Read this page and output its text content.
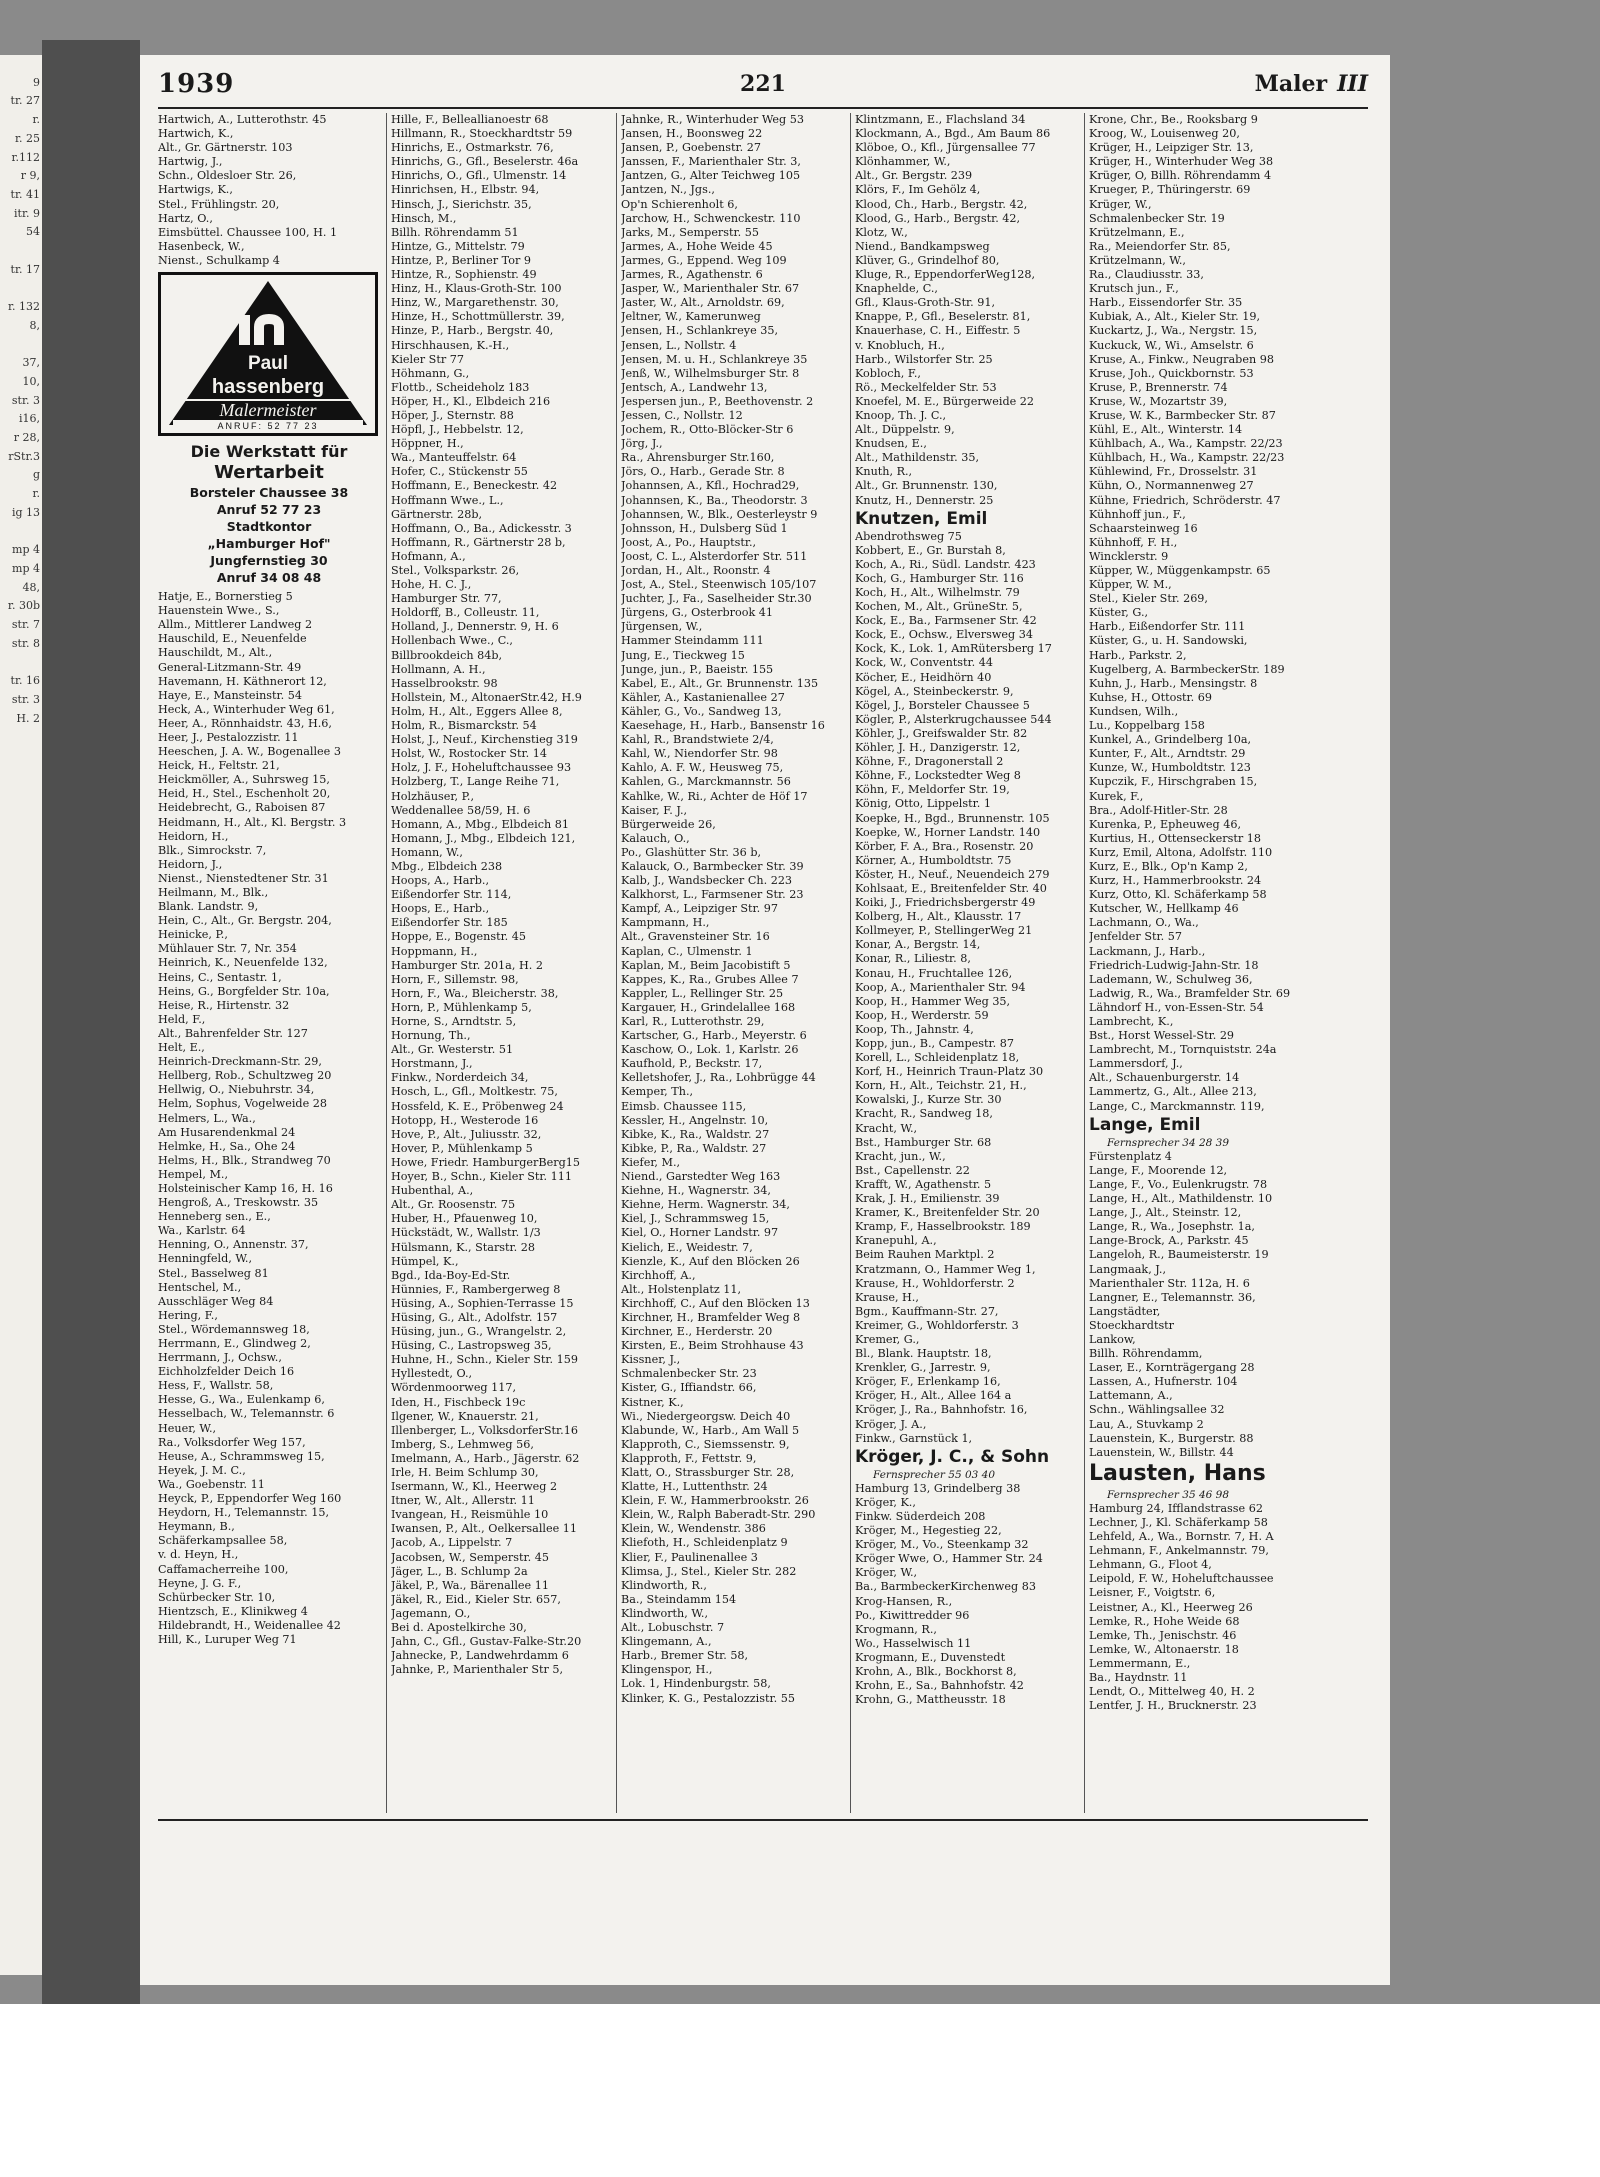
9
tr. 27
r.
r. 25
r.112
r 9,
tr. 41
itr. 9
54

tr. 17

r. 132
8,

37,
10,
str. 3
i16,
r 28,
rStr.3
g
r.
ig 13

mp 4
mp 4
48,
r. 30b
str. 7
str. 8

tr. 16
str. 3
H. 2
1939	221	Maler III
Hartwich, A., Lutterothstr. 45
Hartwich, K.,
Alt., Gr. Gärtnerstr. 103
Hartwig, J.,
Schn., Oldesloer Str. 26,
Hartwigs, K.,
Stel., Frühlingstr. 20,
Hartz, O.,
Eimsbüttel. Chaussee 100, H. 1
Hasenbeck, W.,
Nienst., Schulkamp 4
Paul
hassenberg
Malermeister
ANRUF: 52 77 23
Die Werkstatt für
Wertarbeit
Borsteler Chaussee 38
Anruf 52 77 23
Stadtkontor
„Hamburger Hof"
Jungfernstieg 30
Anruf 34 08 48
Hatje, E., Bornerstieg 5
Hauenstein Wwe., S.,
Allm., Mittlerer Landweg 2
Hauschild, E., Neuenfelde
Hauschildt, M., Alt.,
General-Litzmann-Str. 49
Havemann, H. Käthnerort 12,
Haye, E., Mansteinstr. 54
Heck, A., Winterhuder Weg 61,
Heer, A., Rönnhaidstr. 43, H.6,
Heer, J., Pestalozzistr. 11
Heeschen, J. A. W., Bogenallee 3
Heick, H., Feltstr. 21,
Heickmöller, A., Suhrsweg 15,
Heid, H., Stel., Eschenholt 20,
Heidebrecht, G., Raboisen 87
Heidmann, H., Alt., Kl. Bergstr. 3
Heidorn, H.,
Blk., Simrockstr. 7,
Heidorn, J.,
Nienst., Nienstedtener Str. 31
Heilmann, M., Blk.,
Blank. Landstr. 9,
Hein, C., Alt., Gr. Bergstr. 204,
Heinicke, P.,
Mühlauer Str. 7, Nr. 354
Heinrich, K., Neuenfelde 132,
Heins, C., Sentastr. 1,
Heins, G., Borgfelder Str. 10a,
Heise, R., Hirtenstr. 32
Held, F.,
Alt., Bahrenfelder Str. 127
Helt, E.,
Heinrich-Dreckmann-Str. 29,
Hellberg, Rob., Schultzweg 20
Hellwig, O., Niebuhrstr. 34,
Helm, Sophus, Vogelweide 28
Helmers, L., Wa.,
Am Husarendenkmal 24
Helmke, H., Sa., Ohe 24
Helms, H., Blk., Strandweg 70
Hempel, M.,
Holsteinischer Kamp 16, H. 16
Hengroß, A., Treskowstr. 35
Henneberg sen., E.,
Wa., Karlstr. 64
Henning, O., Annenstr. 37,
Henningfeld, W.,
Stel., Basselweg 81
Hentschel, M.,
Ausschläger Weg 84
Hering, F.,
Stel., Wördemannsweg 18,
Herrmann, E., Glindweg 2,
Herrmann, J., Ochsw.,
Eichholzfelder Deich 16
Hess, F., Wallstr. 58,
Hesse, G., Wa., Eulenkamp 6,
Hesselbach, W., Telemannstr. 6
Heuer, W.,
Ra., Volksdorfer Weg 157,
Heuse, A., Schrammsweg 15,
Heyek, J. M. C.,
Wa., Goebenstr. 11
Heyck, P., Eppendorfer Weg 160
Heydorn, H., Telemannstr. 15,
Heymann, B.,
Schäferkampsallee 58,
v. d. Heyn, H.,
Caffamacherreihe 100,
Heyne, J. G. F.,
Schürbecker Str. 10,
Hientzsch, E., Klinikweg 4
Hildebrandt, H., Weidenallee 42
Hill, K., Luruper Weg 71
Hille, F., Belleallianoestr 68
Hillmann, R., Stoeckhardtstr 59
Hinrichs, E., Ostmarkstr. 76,
Hinrichs, G., Gfl., Beselerstr. 46a
Hinrichs, O., Gfl., Ulmenstr. 14
Hinrichsen, H., Elbstr. 94,
Hinsch, J., Sierichstr. 35,
Hinsch, M.,
Billh. Röhrendamm 51
Hintze, G., Mittelstr. 79
Hintze, P., Berliner Tor 9
Hintze, R., Sophienstr. 49
Hinz, H., Klaus-Groth-Str. 100
Hinz, W., Margarethenstr. 30,
Hinze, H., Schottmüllerstr. 39,
Hinze, P., Harb., Bergstr. 40,
Hirschhausen, K.-H.,
Kieler Str 77
Höhmann, G.,
Flottb., Scheideholz 183
Höper, H., Kl., Elbdeich 216
Höper, J., Sternstr. 88
Höpfl, J., Hebbelstr. 12,
Höppner, H.,
Wa., Manteuffelstr. 64
Hofer, C., Stückenstr 55
Hoffmann, E., Beneckestr. 42
Hoffmann Wwe., L.,
Gärtnerstr. 28b,
Hoffmann, O., Ba., Adickesstr. 3
Hoffmann, R., Gärtnerstr 28 b,
Hofmann, A.,
Stel., Volksparkstr. 26,
Hohe, H. C. J.,
Hamburger Str. 77,
Holdorff, B., Colleustr. 11,
Holland, J., Dennerstr. 9, H. 6
Hollenbach Wwe., C.,
Billbrookdeich 84b,
Hollmann, A. H.,
Hasselbrookstr. 98
Hollstein, M., AltonaerStr.42, H.9
Holm, H., Alt., Eggers Allee 8,
Holm, R., Bismarckstr. 54
Holst, J., Neuf., Kirchenstieg 319
Holst, W., Rostocker Str. 14
Holz, J. F., Hoheluftchaussee 93
Holzberg, T., Lange Reihe 71,
Holzhäuser, P.,
Weddenallee 58/59, H. 6
Homann, A., Mbg., Elbdeich 81
Homann, J., Mbg., Elbdeich 121,
Homann, W.,
Mbg., Elbdeich 238
Hoops, A., Harb.,
Eißendorfer Str. 114,
Hoops, E., Harb.,
Eißendorfer Str. 185
Hoppe, E., Bogenstr. 45
Hoppmann, H.,
Hamburger Str. 201a, H. 2
Horn, F., Sillemstr. 98,
Horn, F., Wa., Bleicherstr. 38,
Horn, P., Mühlenkamp 5,
Horne, S., Arndtstr. 5,
Hornung, Th.,
Alt., Gr. Westerstr. 51
Horstmann, J.,
Finkw., Norderdeich 34,
Hosch, L., Gfl., Moltkestr. 75,
Hossfeld, K. E., Pröbenweg 24
Hotopp, H., Westerode 16
Hove, P., Alt., Juliusstr. 32,
Hover, P., Mühlenkamp 5
Howe, Friedr. HamburgerBerg15
Hoyer, B., Schn., Kieler Str. 111
Hubenthal, A.,
Alt., Gr. Roosenstr. 75
Huber, H., Pfauenweg 10,
Hückstädt, W., Wallstr. 1/3
Hülsmann, K., Starstr. 28
Hümpel, K.,
Bgd., Ida-Boy-Ed-Str.
Hünnies, F., Rambergerweg 8
Hüsing, A., Sophien-Terrasse 15
Hüsing, G., Alt., Adolfstr. 157
Hüsing, jun., G., Wrangelstr. 2,
Hüsing, C., Lastropsweg 35,
Huhne, H., Schn., Kieler Str. 159
Hyllestedt, O.,
Wördenmoorweg 117,
Iden, H., Fischbeck 19c
Ilgener, W., Knauerstr. 21,
Illenberger, L., VolksdorferStr.16
Imberg, S., Lehmweg 56,
Imelmann, A., Harb., Jägerstr. 62
Irle, H. Beim Schlump 30,
Isermann, W., Kl., Heerweg 2
Itner, W., Alt., Allerstr. 11
Ivangean, H., Reismühle 10
Iwansen, P., Alt., Oelkersallee 11
Jacob, A., Lippelstr. 7
Jacobsen, W., Semperstr. 45
Jäger, L., B. Schlump 2a
Jäkel, P., Wa., Bärenallee 11
Jäkel, R., Eid., Kieler Str. 657,
Jagemann, O.,
Bei d. Apostelkirche 30,
Jahn, C., Gfl., Gustav-Falke-Str.20
Jahnecke, P., Landwehrdamm 6
Jahnke, P., Marienthaler Str 5,
Jahnke, R., Winterhuder Weg 53
Jansen, H., Boonsweg 22
Jansen, P., Goebenstr. 27
Janssen, F., Marienthaler Str. 3,
Jantzen, G., Alter Teichweg 105
Jantzen, N., Jgs.,
Op'n Schierenholt 6,
Jarchow, H., Schwenckestr. 110
Jarks, M., Semperstr. 55
Jarmes, A., Hohe Weide 45
Jarmes, G., Eppend. Weg 109
Jarmes, R., Agathenstr. 6
Jasper, W., Marienthaler Str. 67
Jaster, W., Alt., Arnoldstr. 69,
Jeltner, W., Kamerunweg
Jensen, H., Schlankreye 35,
Jensen, L., Nollstr. 4
Jensen, M. u. H., Schlankreye 35
Jenß, W., Wilhelmsburger Str. 8
Jentsch, A., Landwehr 13,
Jespersen jun., P., Beethovenstr. 2
Jessen, C., Nollstr. 12
Jochem, R., Otto-Blöcker-Str 6
Jörg, J.,
Ra., Ahrensburger Str.160,
Jörs, O., Harb., Gerade Str. 8
Johannsen, A., Kfl., Hochrad29,
Johannsen, K., Ba., Theodorstr. 3
Johannsen, W., Blk., Oesterleystr 9
Johnsson, H., Dulsberg Süd 1
Joost, A., Po., Hauptstr.,
Joost, C. L., Alsterdorfer Str. 511
Jordan, H., Alt., Roonstr. 4
Jost, A., Stel., Steenwisch 105/107
Juchter, J., Fa., Saselheider Str.30
Jürgens, G., Osterbrook 41
Jürgensen, W.,
Hammer Steindamm 111
Jung, E., Tieckweg 15
Junge, jun., P., Baeistr. 155
Kabel, E., Alt., Gr. Brunnenstr. 135
Kähler, A., Kastanienallee 27
Kähler, G., Vo., Sandweg 13,
Kaesehage, H., Harb., Bansenstr 16
Kahl, R., Brandstwiete 2/4,
Kahl, W., Niendorfer Str. 98
Kahlo, A. F. W., Heusweg 75,
Kahlen, G., Marckmannstr. 56
Kahlke, W., Ri., Achter de Höf 17
Kaiser, F. J.,
Bürgerweide 26,
Kalauch, O.,
Po., Glashütter Str. 36 b,
Kalauck, O., Barmbecker Str. 39
Kalb, J., Wandsbecker Ch. 223
Kalkhorst, L., Farmsener Str. 23
Kampf, A., Leipziger Str. 97
Kampmann, H.,
Alt., Gravensteiner Str. 16
Kaplan, C., Ulmenstr. 1
Kaplan, M., Beim Jacobistift 5
Kappes, K., Ra., Grubes Allee 7
Kappler, L., Rellinger Str. 25
Kargauer, H., Grindelallee 168
Karl, R., Lutterothstr. 29,
Kartscher, G., Harb., Meyerstr. 6
Kaschow, O., Lok. 1, Karlstr. 26
Kaufhold, P., Beckstr. 17,
Kelletshofer, J., Ra., Lohbrügge 44
Kemper, Th.,
Eimsb. Chaussee 115,
Kessler, H., Angelnstr. 10,
Kibke, K., Ra., Waldstr. 27
Kibke, P., Ra., Waldstr. 27
Kiefer, M.,
Niend., Garstedter Weg 163
Kiehne, H., Wagnerstr. 34,
Kiehne, Herm. Wagnerstr. 34,
Kiel, J., Schrammsweg 15,
Kiel, O., Horner Landstr. 97
Kielich, E., Weidestr. 7,
Kienzle, K., Auf den Blöcken 26
Kirchhoff, A.,
Alt., Holstenplatz 11,
Kirchhoff, C., Auf den Blöcken 13
Kirchner, H., Bramfelder Weg 8
Kirchner, E., Herderstr. 20
Kirsten, E., Beim Strohhause 43
Kissner, J.,
Schmalenbecker Str. 23
Kister, G., Iffiandstr. 66,
Kistner, K.,
Wi., Niedergeorgsw. Deich 40
Klabunde, W., Harb., Am Wall 5
Klapproth, C., Siemssenstr. 9,
Klapproth, F., Fettstr. 9,
Klatt, O., Strassburger Str. 28,
Klatte, H., Luttenthstr. 24
Klein, F. W., Hammerbrookstr. 26
Klein, W., Ralph Baberadt-Str. 290
Klein, W., Wendenstr. 386
Kliefoth, H., Schleidenplatz 9
Klier, F., Paulinenallee 3
Klimsa, J., Stel., Kieler Str. 282
Klindworth, R.,
Ba., Steindamm 154
Klindworth, W.,
Alt., Lobuschstr. 7
Klingemann, A.,
Harb., Bremer Str. 58,
Klingenspor, H.,
Lok. 1, Hindenburgstr. 58,
Klinker, K. G., Pestalozzistr. 55
Klintzmann, E., Flachsland 34
Klockmann, A., Bgd., Am Baum 86
Klöboe, O., Kfl., Jürgensallee 77
Klönhammer, W.,
Alt., Gr. Bergstr. 239
Klörs, F., Im Gehölz 4,
Klood, Ch., Harb., Bergstr. 42,
Klood, G., Harb., Bergstr. 42,
Klotz, W.,
Niend., Bandkampsweg
Klüver, G., Grindelhof 80,
Kluge, R., EppendorferWeg128,
Knaphelde, C.,
Gfl., Klaus-Groth-Str. 91,
Knappe, P., Gfl., Beselerstr. 81,
Knauerhase, C. H., Eiffestr. 5
v. Knobluch, H.,
Harb., Wilstorfer Str. 25
Kobloch, F.,
Rö., Meckelfelder Str. 53
Knoefel, M. E., Bürgerweide 22
Knoop, Th. J. C.,
Alt., Düppelstr. 9,
Knudsen, E.,
Alt., Mathildenstr. 35,
Knuth, R.,
Alt., Gr. Brunnenstr. 130,
Knutz, H., Dennerstr. 25
Knutzen, Emil
Abendrothsweg 75
Kobbert, E., Gr. Burstah 8,
Koch, A., Ri., Südl. Landstr. 423
Koch, G., Hamburger Str. 116
Koch, H., Alt., Wilhelmstr. 79
Kochen, M., Alt., GrüneStr. 5,
Kock, E., Ba., Farmsener Str. 42
Kock, E., Ochsw., Elversweg 34
Kock, K., Lok. 1, AmRütersberg 17
Kock, W., Conventstr. 44
Köcher, E., Heidhörn 40
Kögel, A., Steinbeckerstr. 9,
Kögel, J., Borsteler Chaussee 5
Kögler, P., Alsterkrugchaussee 544
Köhler, J., Greifswalder Str. 82
Köhler, J. H., Danzigerstr. 12,
Köhne, F., Dragonerstall 2
Köhne, F., Lockstedter Weg 8
Köhn, F., Meldorfer Str. 19,
König, Otto, Lippelstr. 1
Koepke, H., Bgd., Brunnenstr. 105
Koepke, W., Horner Landstr. 140
Körber, F. A., Bra., Rosenstr. 20
Körner, A., Humboldtstr. 75
Köster, H., Neuf., Neuendeich 279
Kohlsaat, E., Breitenfelder Str. 40
Koiki, J., Friedrichsbergerstr 49
Kolberg, H., Alt., Klausstr. 17
Kollmeyer, P., StellingerWeg 21
Konar, A., Bergstr. 14,
Konar, R., Liliestr. 8,
Konau, H., Fruchtallee 126,
Koop, A., Marienthaler Str. 94
Koop, H., Hammer Weg 35,
Koop, H., Werderstr. 59
Koop, Th., Jahnstr. 4,
Kopp, jun., B., Campestr. 87
Korell, L., Schleidenplatz 18,
Korf, H., Heinrich Traun-Platz 30
Korn, H., Alt., Teichstr. 21, H.,
Kowalski, J., Kurze Str. 30
Kracht, R., Sandweg 18,
Kracht, W.,
Bst., Hamburger Str. 68
Kracht, jun., W.,
Bst., Capellenstr. 22
Krafft, W., Agathenstr. 5
Krak, J. H., Emilienstr. 39
Kramer, K., Breitenfelder Str. 20
Kramp, F., Hasselbrookstr. 189
Kranepuhl, A.,
Beim Rauhen Marktpl. 2
Kratzmann, O., Hammer Weg 1,
Krause, H., Wohldorferstr. 2
Krause, H.,
Bgm., Kauffmann-Str. 27,
Kreimer, G., Wohldorferstr. 3
Kremer, G.,
Bl., Blank. Hauptstr. 18,
Krenkler, G., Jarrestr. 9,
Kröger, F., Erlenkamp 16,
Kröger, H., Alt., Allee 164 a
Kröger, J., Ra., Bahnhofstr. 16,
Kröger, J. A.,
Finkw., Garnstück 1,
Kröger, J. C., & Sohn
Fernsprecher 55 03 40
Hamburg 13, Grindelberg 38
Kröger, K.,
Finkw. Süderdeich 208
Kröger, M., Hegestieg 22,
Kröger, M., Vo., Steenkamp 32
Kröger Wwe, O., Hammer Str. 24
Kröger, W.,
Ba., BarmbeckerKirchenweg 83
Krog-Hansen, R.,
Po., Kiwittredder 96
Krogmann, R.,
Wo., Hasselwisch 11
Krogmann, E., Duvenstedt
Krohn, A., Blk., Bockhorst 8,
Krohn, E., Sa., Bahnhofstr. 42
Krohn, G., Mattheusstr. 18
Krone, Chr., Be., Rooksbarg 9
Kroog, W., Louisenweg 20,
Krüger, H., Leipziger Str. 13,
Krüger, H., Winterhuder Weg 38
Krüger, O, Billh. Röhrendamm 4
Krueger, P., Thüringerstr. 69
Krüger, W.,
Schmalenbecker Str. 19
Krützelmann, E.,
Ra., Meiendorfer Str. 85,
Krützelmann, W.,
Ra., Claudiusstr. 33,
Krutsch jun., F.,
Harb., Eissendorfer Str. 35
Kubiak, A., Alt., Kieler Str. 19,
Kuckartz, J., Wa., Nergstr. 15,
Kuckuck, W., Wi., Amselstr. 6
Kruse, A., Finkw., Neugraben 98
Kruse, Joh., Quickbornstr. 53
Kruse, P., Brennerstr. 74
Kruse, W., Mozartstr 39,
Kruse, W. K., Barmbecker Str. 87
Kühl, E., Alt., Winterstr. 14
Kühlbach, A., Wa., Kampstr. 22/23
Kühlbach, H., Wa., Kampstr. 22/23
Kühlewind, Fr., Drosselstr. 31
Kühn, O., Normannenweg 27
Kühne, Friedrich, Schröderstr. 47
Kühnhoff jun., F.,
Schaarsteinweg 16
Kühnhoff, F. H.,
Wincklerstr. 9
Küpper, W., Müggenkampstr. 65
Küpper, W. M.,
Stel., Kieler Str. 269,
Küster, G.,
Harb., Eißendorfer Str. 111
Küster, G., u. H. Sandowski,
Harb., Parkstr. 2,
Kugelberg, A. BarmbeckerStr. 189
Kuhn, J., Harb., Mensingstr. 8
Kuhse, H., Ottostr. 69
Kundsen, Wilh.,
Lu., Koppelbarg 158
Kunkel, A., Grindelberg 10a,
Kunter, F., Alt., Arndtstr. 29
Kunze, W., Humboldtstr. 123
Kupczik, F., Hirschgraben 15,
Kurek, F.,
Bra., Adolf-Hitler-Str. 28
Kurenka, P., Epheuweg 46,
Kurtius, H., Ottenseckerstr 18
Kurz, Emil, Altona, Adolfstr. 110
Kurz, E., Blk., Op'n Kamp 2,
Kurz, H., Hammerbrookstr. 24
Kurz, Otto, Kl. Schäferkamp 58
Kutscher, W., Hellkamp 46
Lachmann, O., Wa.,
Jenfelder Str. 57
Lackmann, J., Harb.,
Friedrich-Ludwig-Jahn-Str. 18
Lademann, W., Schulweg 36,
Ladwig, R., Wa., Bramfelder Str. 69
Lähndorf H., von-Essen-Str. 54
Lambrecht, K.,
Bst., Horst Wessel-Str. 29
Lambrecht, M., Tornquiststr. 24a
Lammersdorf, J.,
Alt., Schauenburgerstr. 14
Lammertz, G., Alt., Allee 213,
Lange, C., Marckmannstr. 119,
Lange, Emil
Fernsprecher 34 28 39
Fürstenplatz 4
Lange, F., Moorende 12,
Lange, F., Vo., Eulenkrugstr. 78
Lange, H., Alt., Mathildenstr. 10
Lange, J., Alt., Steinstr. 12,
Lange, R., Wa., Josephstr. 1a,
Lange-Brock, A., Parkstr. 45
Langeloh, R., Baumeisterstr. 19
Langmaak, J.,
Marienthaler Str. 112a, H. 6
Langner, E., Telemannstr. 36,
Langstädter,
Stoeckhardtstr
Lankow,
Billh. Röhrendamm,
Laser, E., Kornträgergang 28
Lassen, A., Hufnerstr. 104
Lattemann, A.,
Schn., Wählingsallee 32
Lau, A., Stuvkamp 2
Lauenstein, K., Burgerstr. 88
Lauenstein, W., Billstr. 44
Lausten, Hans
Fernsprecher 35 46 98
Hamburg 24, Ifflandstrasse 62
Lechner, J., Kl. Schäferkamp 58
Lehfeld, A., Wa., Bornstr. 7, H. A
Lehmann, F., Ankelmannstr. 79,
Lehmann, G., Floot 4,
Leipold, F. W., Hoheluftchaussee
Leisner, F., Voigtstr. 6,
Leistner, A., Kl., Heerweg 26
Lemke, R., Hohe Weide 68
Lemke, Th., Jenischstr. 46
Lemke, W., Altonaerstr. 18
Lemmermann, E.,
Ba., Haydnstr. 11
Lendt, O., Mittelweg 40, H. 2
Lentfer, J. H., Brucknerstr. 23
